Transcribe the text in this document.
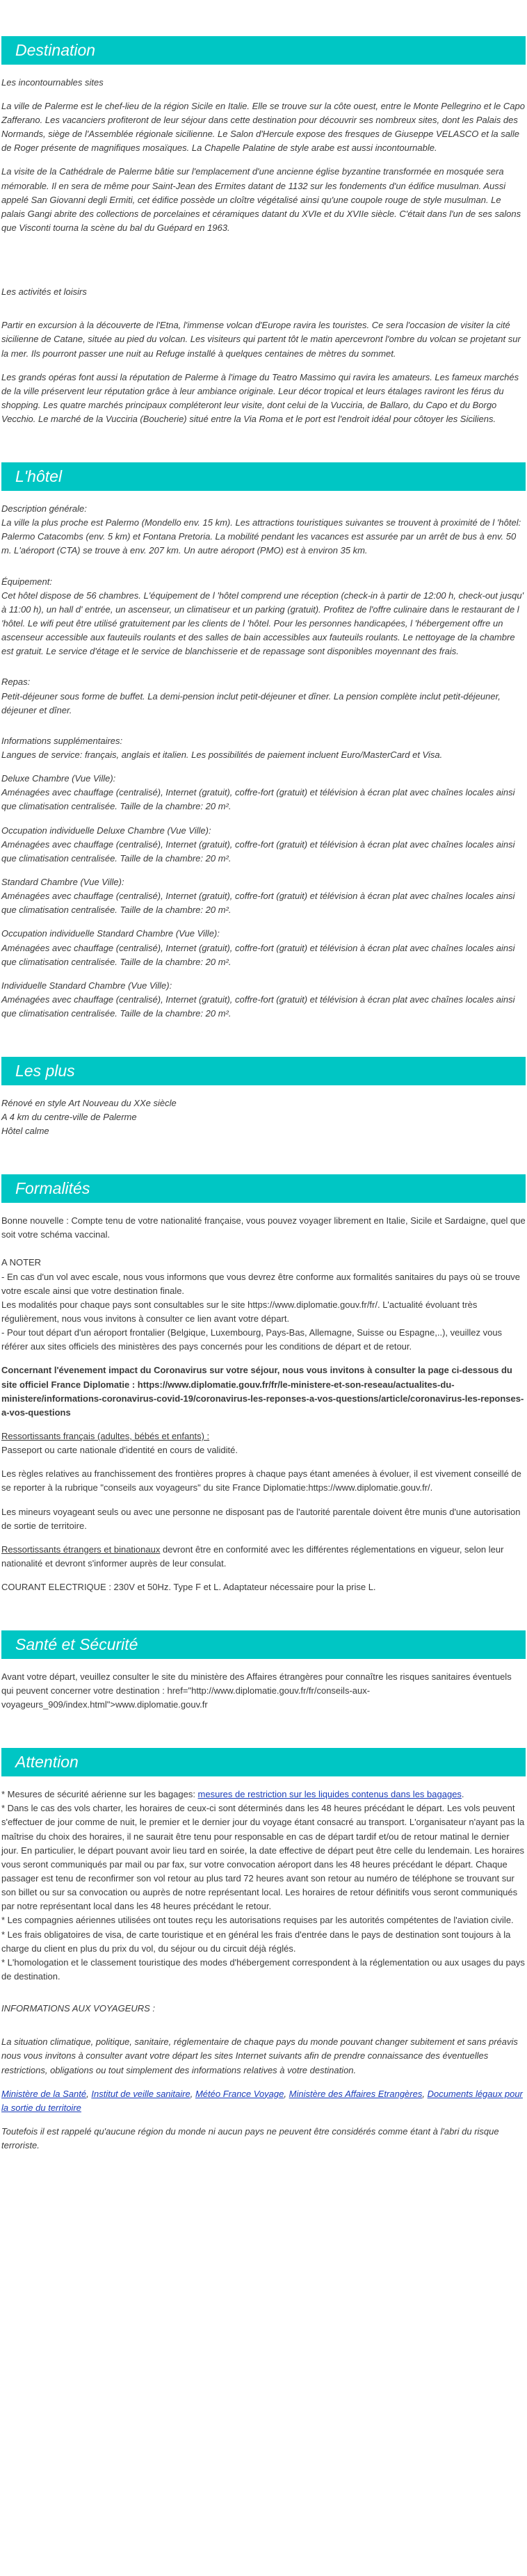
Destination

Les incontournables sites

La ville de Palerme est le chef-lieu de la région Sicile en Italie. Elle se trouve sur la côte ouest, entre le Monte Pellegrino et le Capo Zafferano. Les vacanciers profiteront de leur séjour dans cette destination pour découvrir ses nombreux sites, dont les Palais des Normands, siège de l'Assemblée régionale sicilienne. Le Salon d'Hercule expose des fresques de Giuseppe VELASCO et la salle de Roger présente de magnifiques mosaïques. La Chapelle Palatine de style arabe est aussi incontournable.

La visite de la Cathédrale de Palerme bâtie sur l'emplacement d'une ancienne église byzantine transformée en mosquée sera mémorable. Il en sera de même pour Saint-Jean des Ermites datant de 1132 sur les fondements d'un édifice musulman. Aussi appelé San Giovanni degli Ermiti, cet édifice possède un cloître végétalisé ainsi qu'une coupole rouge de style musulman. Le palais Gangi abrite des collections de porcelaines et céramiques datant du XVIe et du XVIIe siècle. C'était dans l'un de ses salons que Visconti tourna la scène du bal du Guépard en 1963.

Les activités et loisirs

Partir en excursion à la découverte de l'Etna, l'immense volcan d'Europe ravira les touristes. Ce sera l'occasion de visiter la cité sicilienne de Catane, située au pied du volcan. Les visiteurs qui partent tôt le matin apercevront l'ombre du volcan se projetant sur la mer. Ils pourront passer une nuit au Refuge installé à quelques centaines de mètres du sommet.

Les grands opéras font aussi la réputation de Palerme à l'image du Teatro Massimo qui ravira les amateurs. Les fameux marchés de la ville préservent leur réputation grâce à leur ambiance originale. Leur décor tropical et leurs étalages raviront les férus du shopping. Les quatre marchés principaux compléteront leur visite, dont celui de la Vucciria, de Ballaro, du Capo et du Borgo Vecchio. Le marché de la Vucciria (Boucherie) situé entre la Via Roma et le port est l'endroit idéal pour côtoyer les Siciliens.

L'hôtel

Description générale:
La ville la plus proche est Palermo (Mondello env. 15 km). Les attractions touristiques suivantes se trouvent à proximité de l 'hôtel: Palermo Catacombs (env. 5 km) et Fontana Pretoria. La mobilité pendant les vacances est assurée par un arrêt de bus à env. 50 m. L'aéroport (CTA) se trouve à env. 207 km. Un autre aéroport (PMO) est à environ 35 km.

Équipement:
Cet hôtel dispose de 56 chambres. L'équipement de l 'hôtel comprend une réception (check-in à partir de 12:00 h, check-out jusqu' à 11:00 h), un hall d' entrée, un ascenseur, un climatiseur et un parking (gratuit). Profitez de l'offre culinaire dans le restaurant de l 'hôtel. Le wifi peut être utilisé gratuitement par les clients de l 'hôtel. Pour les personnes handicapées, l 'hébergement offre un ascenseur accessible aux fauteuils roulants et des salles de bain accessibles aux fauteuils roulants. Le nettoyage de la chambre est gratuit. Le service d'étage et le service de blanchisserie et de repassage sont disponibles moyennant des frais.

Repas:
Petit-déjeuner sous forme de buffet. La demi-pension inclut petit-déjeuner et dîner. La pension complète inclut petit-déjeuner, déjeuner et dîner.

Informations supplémentaires:
Langues de service: français, anglais et italien. Les possibilités de paiement incluent Euro/MasterCard et Visa.

Deluxe Chambre (Vue Ville):
Aménagées avec chauffage (centralisé), Internet (gratuit), coffre-fort (gratuit) et télévision à écran plat avec chaînes locales ainsi que climatisation centralisée. Taille de la chambre: 20 m².

Occupation individuelle Deluxe Chambre (Vue Ville):
Aménagées avec chauffage (centralisé), Internet (gratuit), coffre-fort (gratuit) et télévision à écran plat avec chaînes locales ainsi que climatisation centralisée. Taille de la chambre: 20 m².

Standard Chambre (Vue Ville):
Aménagées avec chauffage (centralisé), Internet (gratuit), coffre-fort (gratuit) et télévision à écran plat avec chaînes locales ainsi que climatisation centralisée. Taille de la chambre: 20 m².

Occupation individuelle Standard Chambre (Vue Ville):
Aménagées avec chauffage (centralisé), Internet (gratuit), coffre-fort (gratuit) et télévision à écran plat avec chaînes locales ainsi que climatisation centralisée. Taille de la chambre: 20 m².

Individuelle Standard Chambre (Vue Ville):
Aménagées avec chauffage (centralisé), Internet (gratuit), coffre-fort (gratuit) et télévision à écran plat avec chaînes locales ainsi que climatisation centralisée. Taille de la chambre: 20 m².

Les plus

Rénové en style Art Nouveau du XXe siècle
A 4 km du centre-ville de Palerme
Hôtel calme

Formalités

Bonne nouvelle : Compte tenu de votre nationalité française, vous pouvez voyager librement en Italie, Sicile et Sardaigne, quel que soit votre schéma vaccinal.

A NOTER
- En cas d'un vol avec escale, nous vous informons que vous devrez être conforme aux formalités sanitaires du pays où se trouve votre escale ainsi que votre destination finale.
Les modalités pour chaque pays sont consultables sur le site https://www.diplomatie.gouv.fr/fr/. L'actualité évoluant très régulièrement, nous vous invitons à consulter ce lien avant votre départ.
- Pour tout départ d'un aéroport frontalier (Belgique, Luxembourg, Pays-Bas, Allemagne, Suisse ou Espagne,..), veuillez vous référer aux sites officiels des ministères des pays concernés pour les conditions de départ et de retour.

Concernant l'évenement impact du Coronavirus sur votre séjour, nous vous invitons à consulter la page ci-dessous du site officiel France Diplomatie : https://www.diplomatie.gouv.fr/fr/le-ministere-et-son-reseau/actualites-du-ministere/informations-coronavirus-covid-19/coronavirus-les-reponses-a-vos-questions/article/coronavirus-les-reponses-a-vos-questions

Ressortissants français (adultes, bébés et enfants) :
Passeport ou carte nationale d'identité en cours de validité.

Les règles relatives au franchissement des frontières propres à chaque pays étant amenées à évoluer, il est vivement conseillé de se reporter à la rubrique "conseils aux voyageurs" du site France Diplomatie:https://www.diplomatie.gouv.fr/.

Les mineurs voyageant seuls ou avec une personne ne disposant pas de l'autorité parentale doivent être munis d'une autorisation de sortie de territoire.

Ressortissants étrangers et binationaux devront être en conformité avec les différentes réglementations en vigueur, selon leur nationalité et devront s'informer auprès de leur consulat.

COURANT ELECTRIQUE : 230V et 50Hz. Type F et L. Adaptateur nécessaire pour la prise L.

Santé et Sécurité

Avant votre départ, veuillez consulter le site du ministère des Affaires étrangères pour connaître les risques sanitaires éventuels qui peuvent concerner votre destination : href="http://www.diplomatie.gouv.fr/fr/conseils-aux-voyageurs_909/index.html">www.diplomatie.gouv.fr

Attention
* Mesures de sécurité aérienne sur les bagages: mesures de restriction sur les liquides contenus dans les bagages.
* Dans le cas des vols charter, les horaires de ceux-ci sont déterminés dans les 48 heures précédant le départ. Les vols peuvent s'effectuer de jour comme de nuit, le premier et le dernier jour du voyage étant consacré au transport. L'organisateur n'ayant pas la maîtrise du choix des horaires, il ne saurait être tenu pour responsable en cas de départ tardif et/ou de retour matinal le dernier jour. En particulier, le départ pouvant avoir lieu tard en soirée, la date effective de départ peut être celle du lendemain. Les horaires vous seront communiqués par mail ou par fax, sur votre convocation aéroport dans les 48 heures précédant le départ. Chaque passager est tenu de reconfirmer son vol retour au plus tard 72 heures avant son retour au numéro de téléphone se trouvant sur son billet ou sur sa convocation ou auprès de notre représentant local. Les horaires de retour définitifs vous seront communiqués par notre représentant local dans les 48 heures précédant le retour.
* Les compagnies aériennes utilisées ont toutes reçu les autorisations requises par les autorités compétentes de l'aviation civile.
* Les frais obligatoires de visa, de carte touristique et en général les frais d'entrée dans le pays de destination sont toujours à la charge du client en plus du prix du vol, du séjour ou du circuit déjà réglés.
* L'homologation et le classement touristique des modes d'hébergement correspondent à la réglementation ou aux usages du pays de destination.

INFORMATIONS AUX VOYAGEURS :

La situation climatique, politique, sanitaire, réglementaire de chaque pays du monde pouvant changer subitement et sans préavis nous vous invitons à consulter avant votre départ les sites Internet suivants afin de prendre connaissance des éventuelles restrictions, obligations ou tout simplement des informations relatives à votre destination.

Ministère de la Santé, Institut de veille sanitaire, Météo France Voyage, Ministère des Affaires Etrangères, Documents légaux pour la sortie du territoire

Toutefois il est rappelé qu'aucune région du monde ni aucun pays ne peuvent être considérés comme étant à l'abri du risque terroriste.
